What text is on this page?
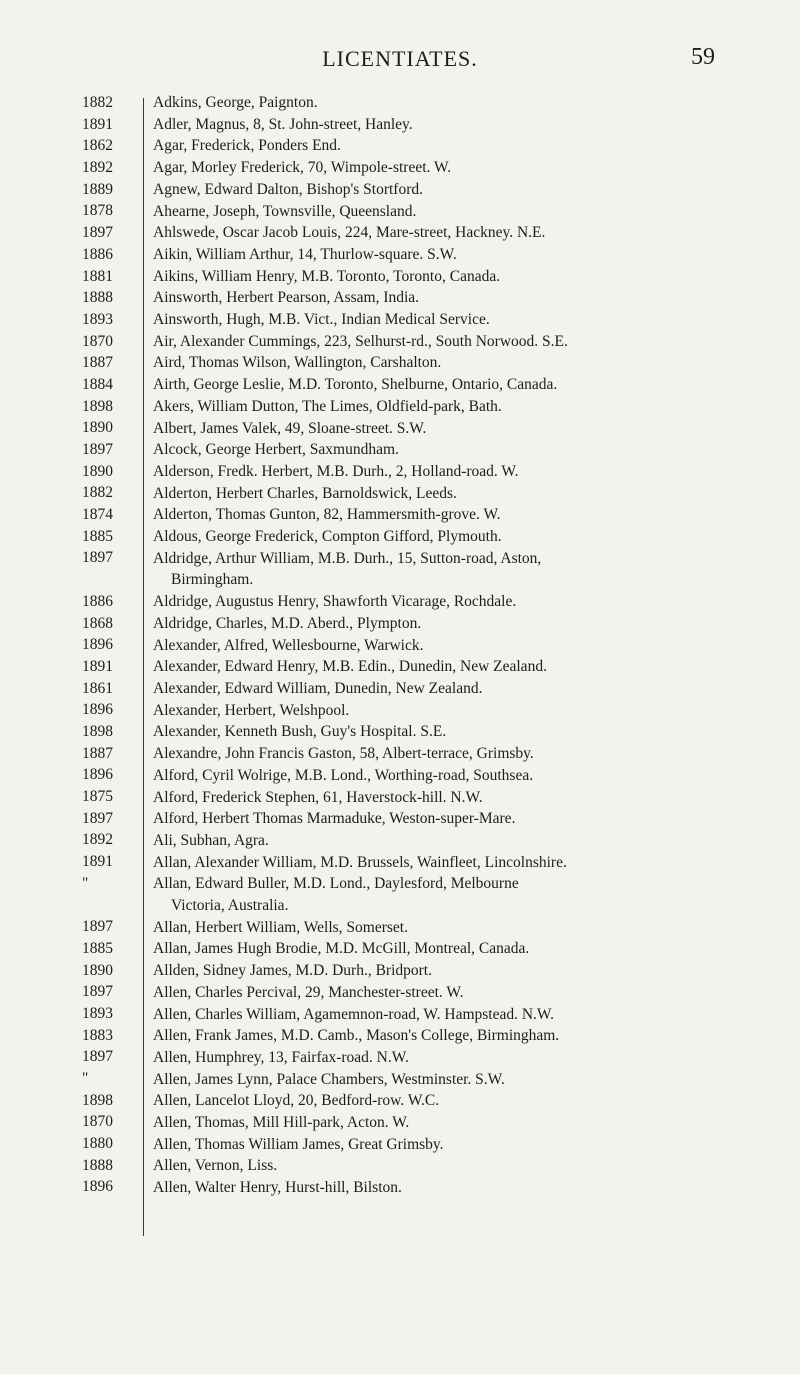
LICENTIATES.	59
1882
1891
1862
1892
1889
1878
1897
1886
1881
1888
1893
1870
1887
1884
1898
1890
1897
1890
1882
1874
1885
1897

1886
1868
1896
1891
1861
1896
1898
1887
1896
1875
1897
1892
1891
"

1897
1885
1890
1897
1893
1883
1897
"
1898
1870
1880
1888
1896
Adkins, George, Paignton.
Adler, Magnus, 8, St. John-street, Hanley.
Agar, Frederick, Ponders End.
Agar, Morley Frederick, 70, Wimpole-street. W.
Agnew, Edward Dalton, Bishop's Stortford.
Ahearne, Joseph, Townsville, Queensland.
Ahlswede, Oscar Jacob Louis, 224, Mare-street, Hackney. N.E.
Aikin, William Arthur, 14, Thurlow-square. S.W.
Aikins, William Henry, M.B. Toronto, Toronto, Canada.
Ainsworth, Herbert Pearson, Assam, India.
Ainsworth, Hugh, M.B. Vict., Indian Medical Service.
Air, Alexander Cummings, 223, Selhurst-rd., South Norwood. S.E.
Aird, Thomas Wilson, Wallington, Carshalton.
Airth, George Leslie, M.D. Toronto, Shelburne, Ontario, Canada.
Akers, William Dutton, The Limes, Oldfield-park, Bath.
Albert, James Valek, 49, Sloane-street. S.W.
Alcock, George Herbert, Saxmundham.
Alderson, Fredk. Herbert, M.B. Durh., 2, Holland-road. W.
Alderton, Herbert Charles, Barnoldswick, Leeds.
Alderton, Thomas Gunton, 82, Hammersmith-grove. W.
Aldous, George Frederick, Compton Gifford, Plymouth.
Aldridge, Arthur William, M.B. Durh., 15, Sutton-road, Aston,
Birmingham.
Aldridge, Augustus Henry, Shawforth Vicarage, Rochdale.
Aldridge, Charles, M.D. Aberd., Plympton.
Alexander, Alfred, Wellesbourne, Warwick.
Alexander, Edward Henry, M.B. Edin., Dunedin, New Zealand.
Alexander, Edward William, Dunedin, New Zealand.
Alexander, Herbert, Welshpool.
Alexander, Kenneth Bush, Guy's Hospital. S.E.
Alexandre, John Francis Gaston, 58, Albert-terrace, Grimsby.
Alford, Cyril Wolrige, M.B. Lond., Worthing-road, Southsea.
Alford, Frederick Stephen, 61, Haverstock-hill. N.W.
Alford, Herbert Thomas Marmaduke, Weston-super-Mare.
Ali, Subhan, Agra.
Allan, Alexander William, M.D. Brussels, Wainfleet, Lincolnshire.
Allan, Edward Buller, M.D. Lond., Daylesford, Melbourne
Victoria, Australia.
Allan, Herbert William, Wells, Somerset.
Allan, James Hugh Brodie, M.D. McGill, Montreal, Canada.
Allden, Sidney James, M.D. Durh., Bridport.
Allen, Charles Percival, 29, Manchester-street. W.
Allen, Charles William, Agamemnon-road, W. Hampstead. N.W.
Allen, Frank James, M.D. Camb., Mason's College, Birmingham.
Allen, Humphrey, 13, Fairfax-road. N.W.
Allen, James Lynn, Palace Chambers, Westminster. S.W.
Allen, Lancelot Lloyd, 20, Bedford-row. W.C.
Allen, Thomas, Mill Hill-park, Acton. W.
Allen, Thomas William James, Great Grimsby.
Allen, Vernon, Liss.
Allen, Walter Henry, Hurst-hill, Bilston.
